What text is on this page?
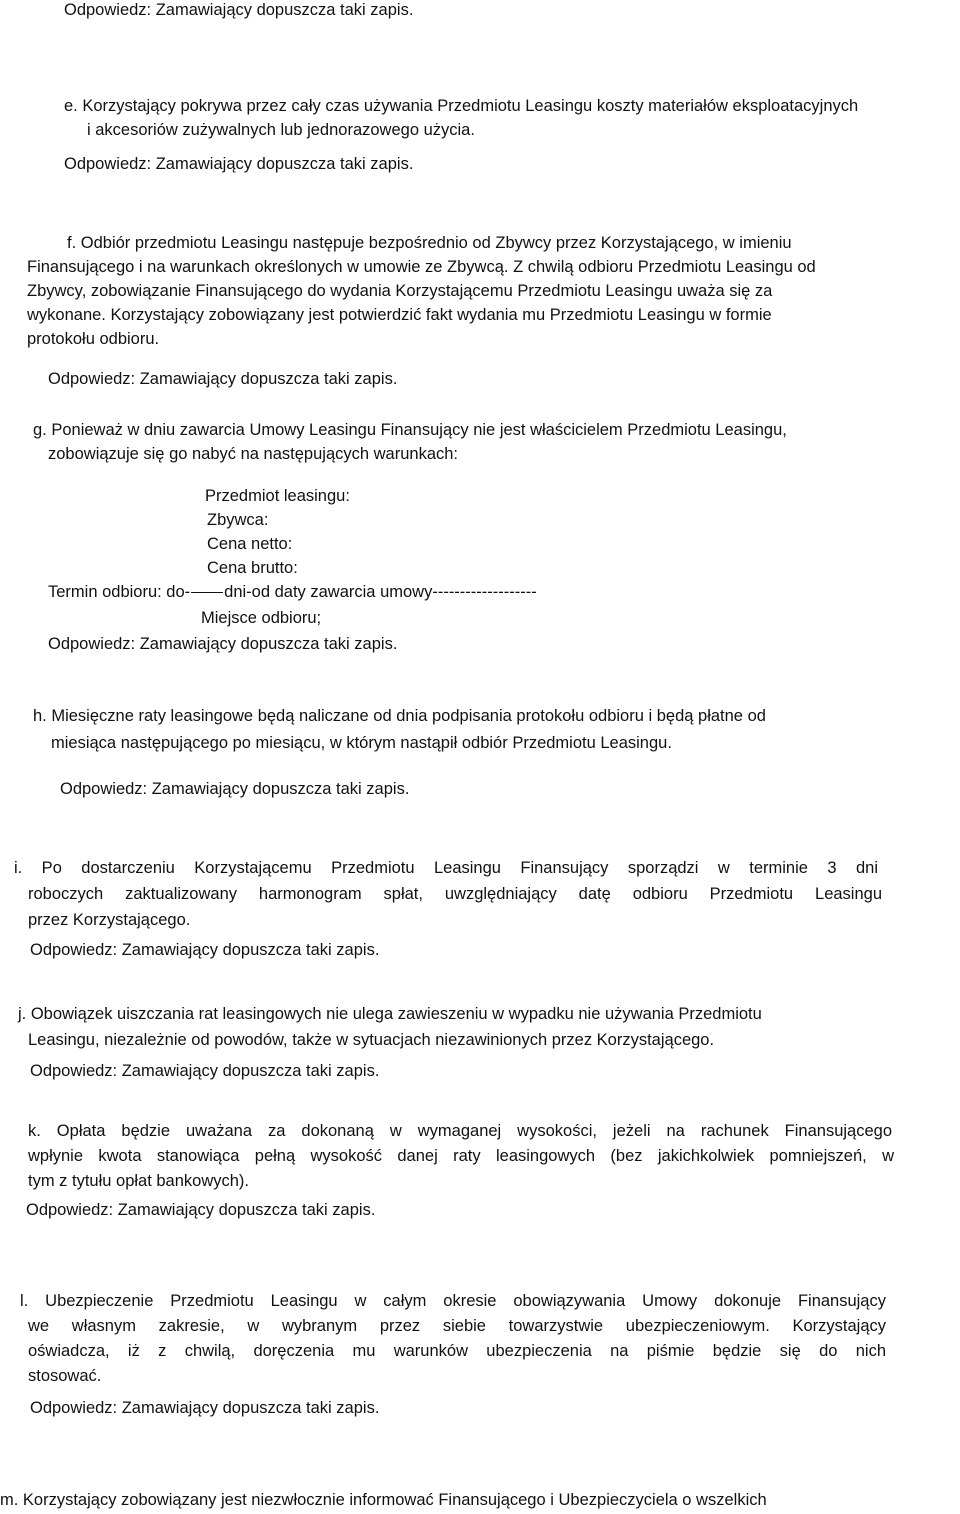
Odpowiedz: Zamawiający dopuszcza taki zapis.
e. Korzystający pokrywa przez cały czas używania Przedmiotu Leasingu koszty materiałów eksploatacyjnych
i akcesoriów zużywalnych lub jednorazowego użycia.
Odpowiedz: Zamawiający dopuszcza taki zapis.
f. Odbiór przedmiotu Leasingu następuje bezpośrednio od Zbywcy przez Korzystającego, w imieniu
Finansującego i na warunkach określonych w umowie ze Zbywcą. Z chwilą odbioru Przedmiotu Leasingu od
Zbywcy, zobowiązanie Finansującego do wydania Korzystającemu Przedmiotu Leasingu uważa się za
wykonane. Korzystający zobowiązany jest potwierdzić fakt wydania mu Przedmiotu Leasingu w formie
protokołu odbioru.
Odpowiedz: Zamawiający dopuszcza taki zapis.
g. Ponieważ w dniu zawarcia Umowy Leasingu Finansujący nie jest właścicielem Przedmiotu Leasingu,
zobowiązuje się go nabyć na następujących warunkach:
Przedmiot leasingu:
Zbywca:
Cena netto:
Cena brutto:
Termin odbioru: do- dni-od daty zawarcia umowy-------------------
Miejsce odbioru;
Odpowiedz: Zamawiający dopuszcza taki zapis.
h. Miesięczne raty leasingowe będą naliczane od dnia podpisania protokołu odbioru i będą płatne od
miesiąca następującego po miesiącu, w którym nastąpił odbiór Przedmiotu Leasingu.
Odpowiedz: Zamawiający dopuszcza taki zapis.
i. Po dostarczeniu Korzystającemu Przedmiotu Leasingu Finansujący sporządzi w terminie 3 dni
roboczych zaktualizowany harmonogram spłat, uwzględniający datę odbioru Przedmiotu Leasingu
przez Korzystającego.
Odpowiedz: Zamawiający dopuszcza taki zapis.
j. Obowiązek uiszczania rat leasingowych nie ulega zawieszeniu w wypadku nie używania Przedmiotu
Leasingu, niezależnie od powodów, także w sytuacjach niezawinionych przez Korzystającego.
Odpowiedz: Zamawiający dopuszcza taki zapis.
k. Opłata będzie uważana za dokonaną w wymaganej wysokości, jeżeli na rachunek Finansującego
wpłynie kwota stanowiąca pełną wysokość danej raty leasingowych (bez jakichkolwiek pomniejszeń, w
tym z tytułu opłat bankowych).
Odpowiedz: Zamawiający dopuszcza taki zapis.
l. Ubezpieczenie Przedmiotu Leasingu w całym okresie obowiązywania Umowy dokonuje Finansujący
we własnym zakresie, w wybranym przez siebie towarzystwie ubezpieczeniowym. Korzystający
oświadcza, iż z chwilą, doręczenia mu warunków ubezpieczenia na piśmie będzie się do nich
stosować.
Odpowiedz: Zamawiający dopuszcza taki zapis.
m. Korzystający zobowiązany jest niezwłocznie informować Finansującego i Ubezpieczyciela o wszelkich
